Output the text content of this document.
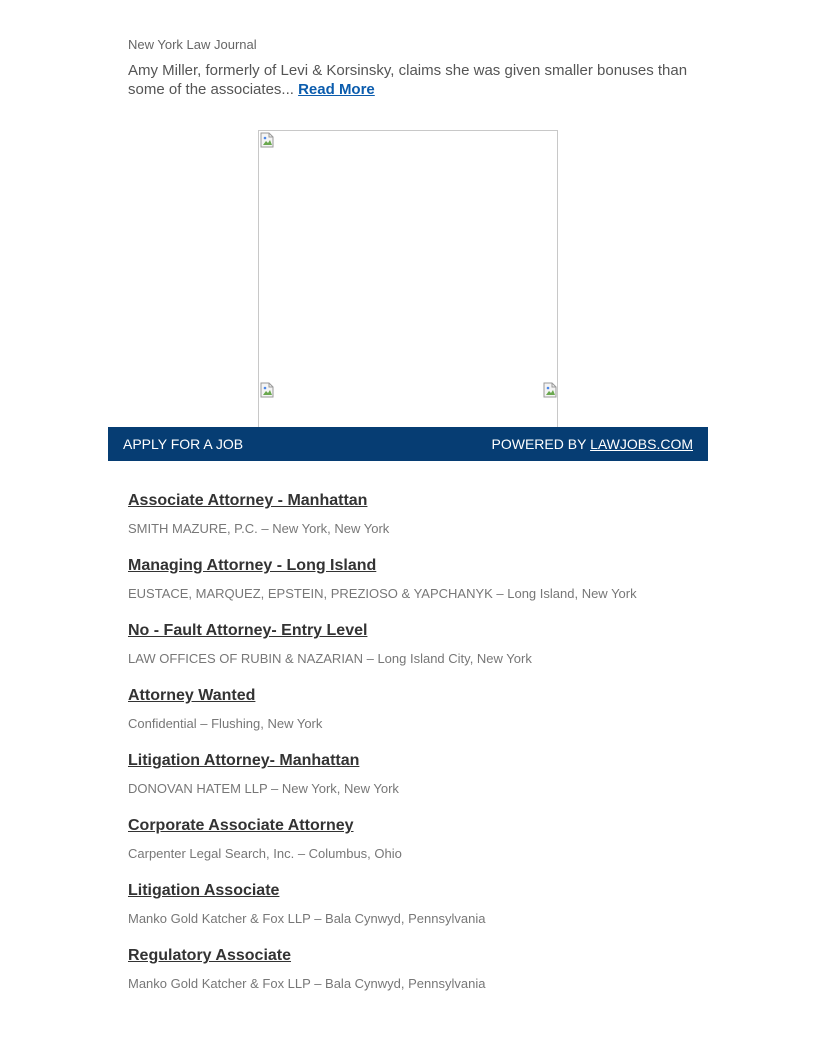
New York Law Journal
Amy Miller, formerly of Levi & Korsinsky, claims she was given smaller bonuses than some of the associates... Read More
APPLY FOR A JOB	POWERED BY LAWJOBS.COM
Associate Attorney - Manhattan
SMITH MAZURE, P.C. – New York, New York
Managing Attorney - Long Island
EUSTACE, MARQUEZ, EPSTEIN, PREZIOSO & YAPCHANYK – Long Island, New York
No - Fault Attorney- Entry Level
LAW OFFICES OF RUBIN & NAZARIAN – Long Island City, New York
Attorney Wanted
Confidential – Flushing, New York
Litigation Attorney- Manhattan
DONOVAN HATEM LLP – New York, New York
Corporate Associate Attorney
Carpenter Legal Search, Inc. – Columbus, Ohio
Litigation Associate
Manko Gold Katcher & Fox LLP – Bala Cynwyd, Pennsylvania
Regulatory Associate
Manko Gold Katcher & Fox LLP – Bala Cynwyd, Pennsylvania
